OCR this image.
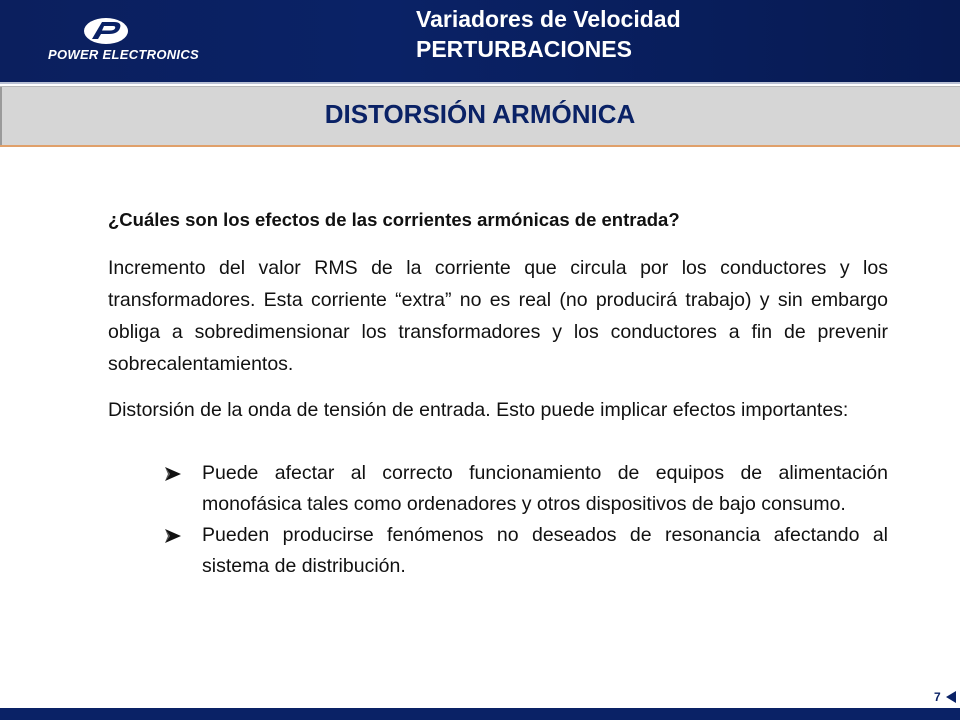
POWER ELECTRONICS
Variadores de Velocidad
PERTURBACIONES
DISTORSIÓN ARMÓNICA
¿Cuáles son los efectos de las corrientes armónicas de entrada?
Incremento del valor RMS de la corriente que circula por los conductores y los transformadores. Esta corriente “extra” no es real (no producirá trabajo) y sin embargo obliga a sobredimensionar los transformadores y los conductores a fin de prevenir sobrecalentamientos.
Distorsión de la onda de tensión de entrada. Esto puede implicar efectos importantes:
Puede afectar al correcto funcionamiento de equipos de alimentación monofásica tales como ordenadores y otros dispositivos de bajo consumo.
Pueden producirse fenómenos no deseados de resonancia afectando al sistema de distribución.
7
